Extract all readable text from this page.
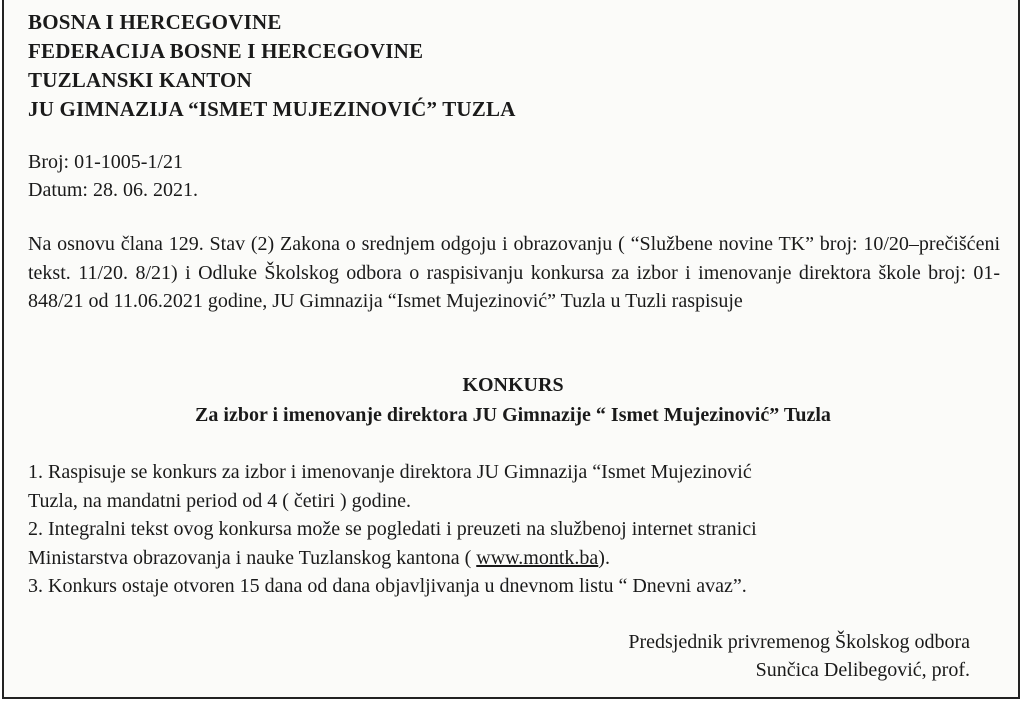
BOSNA I HERCEGOVINE
FEDERACIJA BOSNE I HERCEGOVINE
TUZLANSKI KANTON
JU GIMNAZIJA “ISMET MUJEZINOVIĆ” TUZLA
Broj: 01-1005-1/21
Datum: 28. 06. 2021.
Na osnovu člana 129. Stav (2) Zakona o srednjem odgoju i obrazovanju ( “Službene novine TK” broj: 10/20–prečišćeni tekst. 11/20. 8/21) i Odluke Školskog odbora o raspisivanju konkursa za izbor i imenovanje direktora škole broj: 01-848/21 od 11.06.2021 godine, JU Gimnazija “Ismet Mujezinović” Tuzla u Tuzli raspisuje
KONKURS
Za izbor i imenovanje direktora JU Gimnazije “ Ismet Mujezinović” Tuzla
1. Raspisuje se konkurs za izbor i imenovanje direktora JU Gimnazija “Ismet Mujezinović
Tuzla, na mandatni period od 4 ( četiri ) godine.
2. Integralni tekst ovog konkursa može se pogledati i preuzeti na službenoj internet stranici
Ministarstva obrazovanja i nauke Tuzlanskog kantona ( www.montk.ba).
3. Konkurs ostaje otvoren 15 dana od dana objavljivanja u dnevnom listu “ Dnevni avaz”.
Predsjednik privremenog Školskog odbora
Sunčica Delibegović, prof.
